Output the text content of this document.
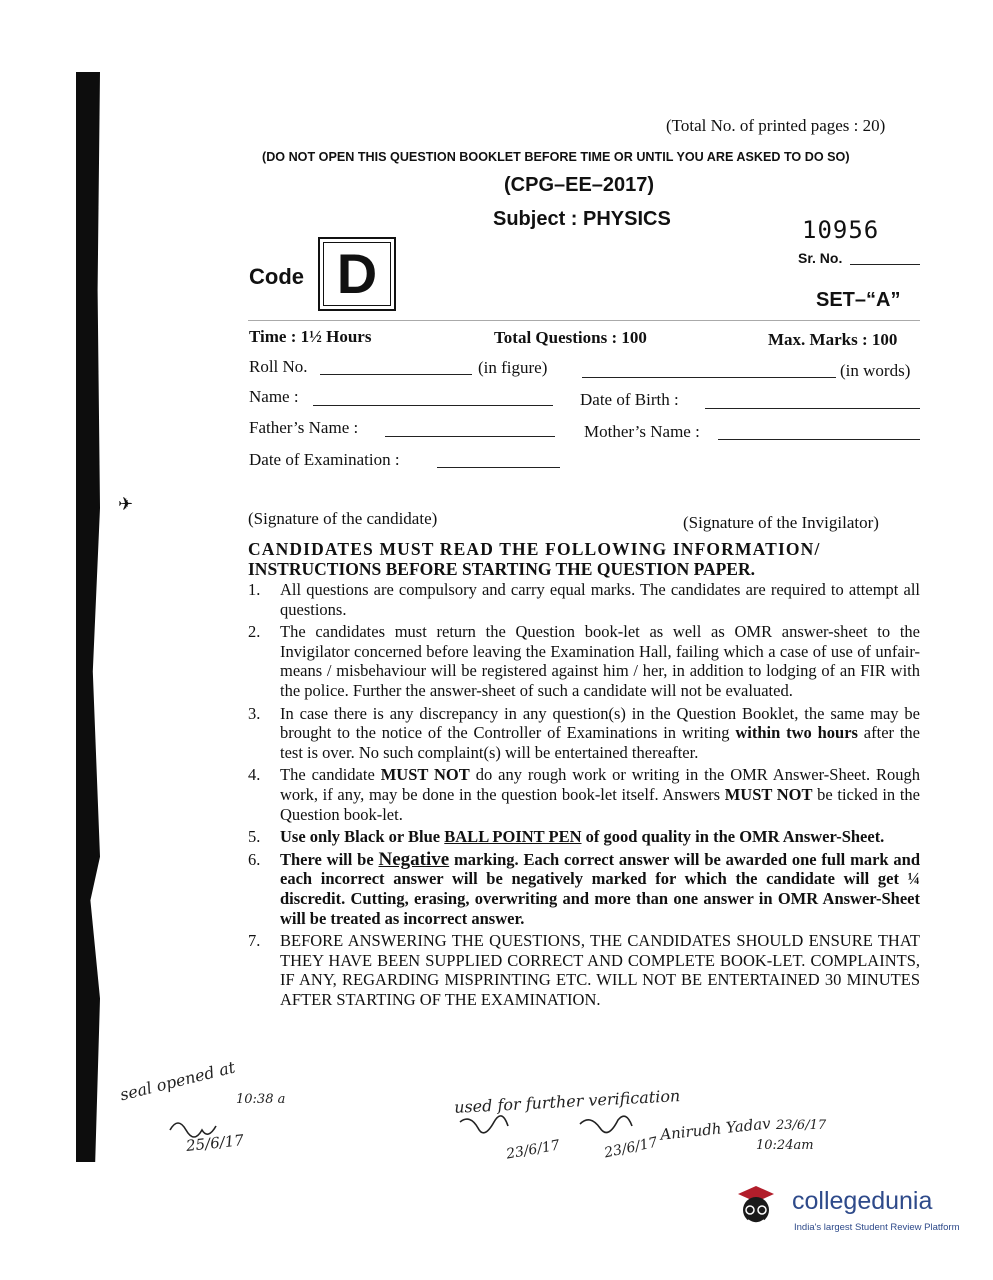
✈
(Total No. of printed pages : 20)
(DO NOT OPEN THIS QUESTION BOOKLET BEFORE TIME OR UNTIL YOU ARE ASKED TO DO SO)
(CPG–EE–2017)
Subject : PHYSICS	10956
Sr. No.
Code D	SET–“A”
Time : 1½ Hours	Total Questions : 100	Max. Marks : 100
Roll No.	(in figure)	(in words)
Name :	Date of Birth :
Father’s Name :	Mother’s Name :
Date of Examination :
(Signature of the candidate)	(Signature of the Invigilator)
CANDIDATES MUST READ THE FOLLOWING INFORMATION/
INSTRUCTIONS BEFORE STARTING THE QUESTION PAPER.
1. All questions are compulsory and carry equal marks. The candidates are required to attempt all questions.
2. The candidates must return the Question book-let as well as OMR answer-sheet to the Invigilator concerned before leaving the Examination Hall, failing which a case of use of unfair-means / misbehaviour will be registered against him / her, in addition to lodging of an FIR with the police. Further the answer-sheet of such a candidate will not be evaluated.
3. In case there is any discrepancy in any question(s) in the Question Booklet, the same may be brought to the notice of the Controller of Examinations in writing within two hours after the test is over. No such complaint(s) will be entertained thereafter.
4. The candidate MUST NOT do any rough work or writing in the OMR Answer-Sheet. Rough work, if any, may be done in the question book-let itself. Answers MUST NOT be ticked in the Question book-let.
5. Use only Black or Blue BALL POINT PEN of good quality in the OMR Answer-Sheet.
6. There will be Negative marking. Each correct answer will be awarded one full mark and each incorrect answer will be negatively marked for which the candidate will get ¼ discredit. Cutting, erasing, overwriting and more than one answer in OMR Answer-Sheet will be treated as incorrect answer.
7. BEFORE ANSWERING THE QUESTIONS, THE CANDIDATES SHOULD ENSURE THAT THEY HAVE BEEN SUPPLIED CORRECT AND COMPLETE BOOK-LET. COMPLAINTS, IF ANY, REGARDING MISPRINTING ETC. WILL NOT BE ENTERTAINED 30 MINUTES AFTER STARTING OF THE EXAMINATION.
seal opened at 10:38 a
25/6/17
used for further verification
23/6/17	23/6/17
Anirudh Yadav 23/6/17
10:24am
collegedunia
India's largest Student Review Platform
